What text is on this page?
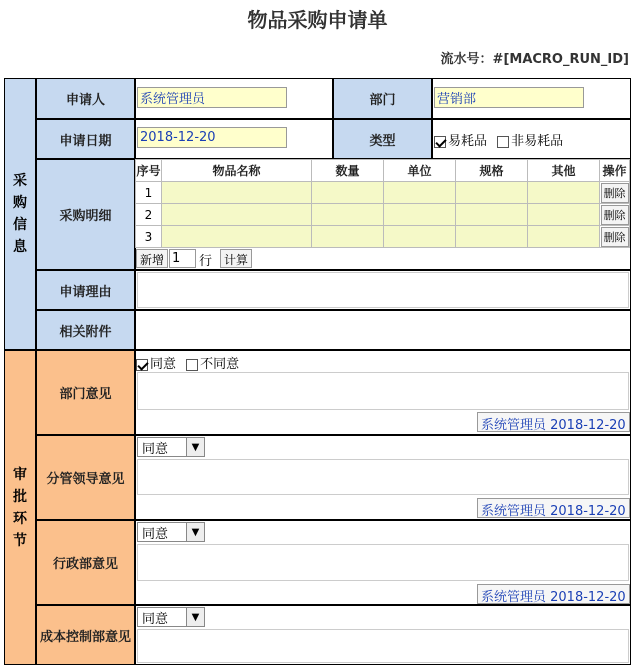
物品采购申请单
流水号：#[MACRO_RUN_ID]
采
购
信
息
申请人	系统管理员	部门	营销部
申请日期	2018-12-20	类型	易耗品 非易耗品
采购明细
序号	物品名称	数量	单位	规格	其他	操作
1						删除
2						删除
3						删除
新增 1	行 计算
申请理由
相关附件
审
批
环
节
部门意见
同意 不同意
系统管理员 2018-12-20
分管领导意见
同意	▼
系统管理员 2018-12-20
行政部意见
同意	▼
系统管理员 2018-12-20
成本控制部意见
同意	▼
